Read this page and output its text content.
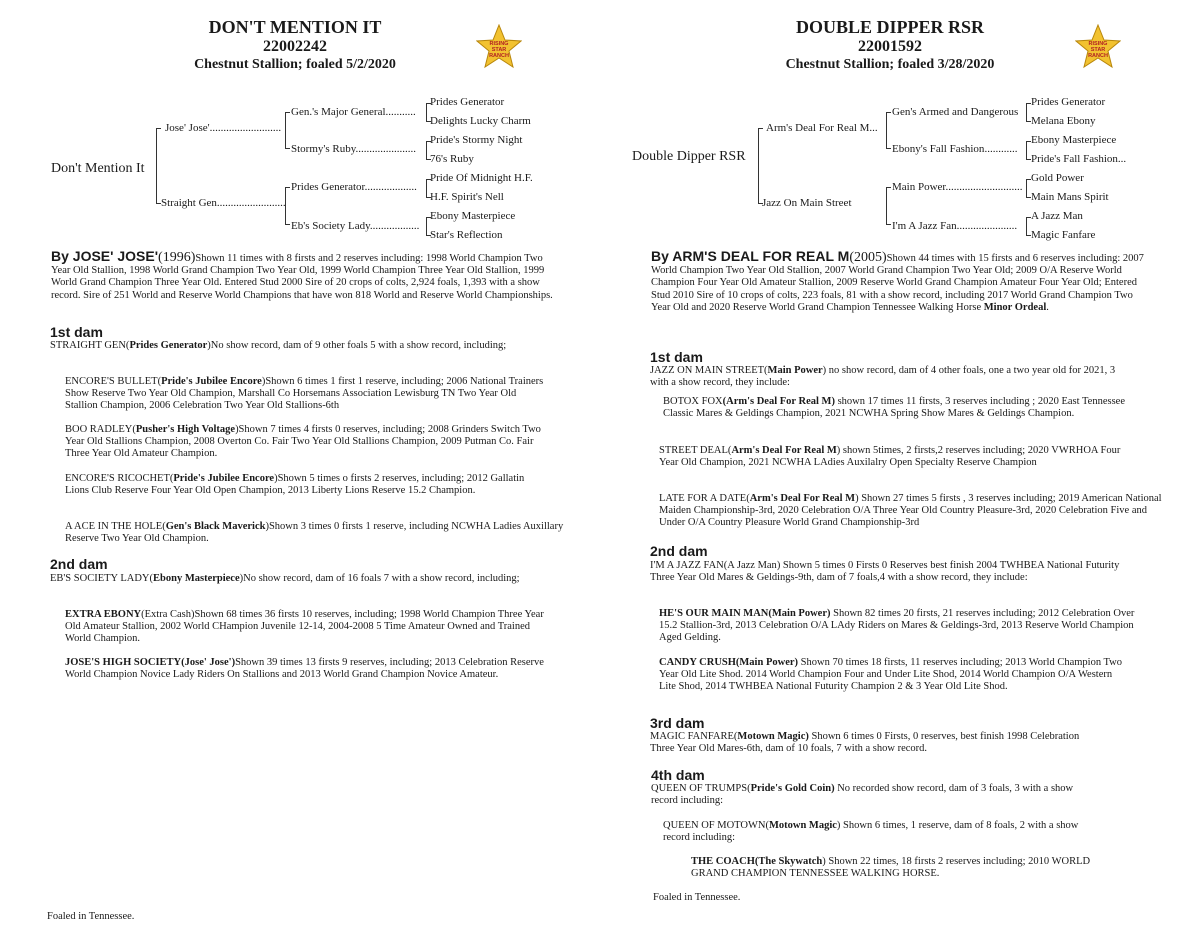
DON'T MENTION IT
22002242
Chestnut Stallion; foaled 5/2/2020
RISING
STAR
RANCH
Don't Mention It
Jose' Jose'..........................
Straight Gen.........................
Gen.'s Major General...........
Stormy's Ruby......................
Prides Generator...................
Eb's Society Lady..................
Prides Generator
Delights Lucky Charm
Pride's Stormy Night
76's Ruby
Pride Of Midnight H.F.
H.F. Spirit's Nell
Ebony Masterpiece
Star's Reflection
By JOSE' JOSE'(1996)Shown 11 times with 8 firsts and 2 reserves including: 1998 World Champion Two Year Old Stallion, 1998 World Grand Champion Two Year Old, 1999 World Champion Three Year Old Stallion, 1999 World Grand Champion Three Year Old. Entered Stud 2000 Sire of 20 crops of colts, 2,924 foals, 1,393 with a show record. Sire of 251 World and Reserve World Champions that have won 818 World and Reserve World Championships.
1st dam
STRAIGHT GEN(Prides Generator)No show record, dam of 9 other foals 5 with a show record, including;
ENCORE'S BULLET(Pride's Jubilee Encore)Shown 6 times 1 first 1 reserve, including; 2006 National Trainers Show Reserve Two Year Old Champion, Marshall Co Horsemans Association Lewisburg TN Two Year Old Stallion Champion, 2006 Celebration Two Year Old Stallions-6th
BOO RADLEY(Pusher's High Voltage)Shown 7 times 4 firsts 0 reserves, including; 2008 Grinders Switch Two Year Old Stallions Champion, 2008 Overton Co. Fair Two Year Old Stallions Champion, 2009 Putman Co. Fair Three Year Old Amateur Champion.
ENCORE'S RICOCHET(Pride's Jubilee Encore)Shown 5 times o firsts 2 reserves, including; 2012 Gallatin Lions Club Reserve Four Year Old Open Champion, 2013 Liberty Lions Reserve 15.2 Champion.
A ACE IN THE HOLE(Gen's Black Maverick)Shown 3 times 0 firsts 1 reserve, including NCWHA Ladies Auxillary Reserve Two Year Old Champion.
2nd dam
EB'S SOCIETY LADY(Ebony Masterpiece)No show record, dam of 16 foals 7 with a show record, including;
EXTRA EBONY(Extra Cash)Shown 68 times 36 firsts 10 reserves, including; 1998 World Champion Three Year Old Amateur Stallion, 2002 World CHampion Juvenile 12-14, 2004-2008 5 Time Amateur Owned and Trained World Champion.
JOSE'S HIGH SOCIETY(Jose' Jose')Shown 39 times 13 firsts 9 reserves, including; 2013 Celebration Reserve World Champion Novice Lady Riders On Stallions and 2013 World Grand Champion Novice Amateur.
Foaled in Tennessee.
DOUBLE DIPPER RSR
22001592
Chestnut Stallion; foaled 3/28/2020
RISING
STAR
RANCH
Double Dipper RSR
Arm's Deal For Real M...
Jazz On Main Street
Gen's Armed and Dangerous
Ebony's Fall Fashion............
Main Power............................
I'm A Jazz Fan......................
Prides Generator
Melana Ebony
Ebony Masterpiece
Pride's Fall Fashion...
Gold Power
Main Mans Spirit
A Jazz Man
Magic Fanfare
By ARM'S DEAL FOR REAL M(2005)Shown 44 times with 15 firsts and 6 reserves including: 2007 World Champion Two Year Old Stallion, 2007 World Grand Champion Two Year Old; 2009 O/A Reserve World Champion Four Year Old Amateur Stallion, 2009 Reserve World Grand Champion Amateur Four Year Old; Entered Stud 2010 Sire of 10 crops of colts, 223 foals, 81 with a show record, including 2017 World Grand Champion Two Year Old and 2020 Reserve World Grand Champion Tennessee Walking Horse Minor Ordeal.
1st dam
JAZZ ON MAIN STREET(Main Power) no show record, dam of 4 other foals, one a two year old for 2021, 3 with a show record, they include:
BOTOX FOX(Arm's Deal For Real M) shown 17 times 11 firsts, 3 reserves including ; 2020 East Tennessee Classic Mares & Geldings Champion, 2021 NCWHA Spring Show Mares & Geldings Champion.
STREET DEAL(Arm's Deal For Real M) shown 5times, 2 firsts,2 reserves including; 2020 VWRHOA Four Year Old Champion, 2021 NCWHA LAdies Auxilalry Open Specialty Reserve Champion
LATE FOR A DATE(Arm's Deal For Real M) Shown 27 times 5 firsts , 3 reserves including; 2019 American National Maiden Championship-3rd, 2020 Celebration O/A Three Year Old Country Pleasure-3rd, 2020 Celebration Five and Under O/A Country Pleasure World Grand Championship-3rd
2nd dam
I'M A JAZZ FAN(A Jazz Man) Shown 5 times 0 Firsts 0 Reserves best finish 2004 TWHBEA National Futurity Three Year Old Mares & Geldings-9th, dam of 7 foals,4 with a show record, they include:
HE'S OUR MAIN MAN(Main Power) Shown 82 times 20 firsts, 21 reserves including; 2012 Celebration Over 15.2 Stallion-3rd, 2013 Celebration O/A LAdy Riders on Mares & Geldings-3rd, 2013 Reserve World Champion Aged Gelding.
CANDY CRUSH(Main Power) Shown 70 times 18 firsts, 11 reserves including; 2013 World Champion Two Year Old Lite Shod. 2014 World Champion Four and Under Lite Shod, 2014 World Champion O/A Western Lite Shod, 2014 TWHBEA National Futurity Champion 2 & 3 Year Old Lite Shod.
3rd dam
MAGIC FANFARE(Motown Magic) Shown 6 times 0 Firsts, 0 reserves, best finish 1998 Celebration Three Year Old Mares-6th, dam of 10 foals, 7 with a show record.
4th dam
QUEEN OF TRUMPS(Pride's Gold Coin) No recorded show record, dam of 3 foals, 3 with a show record including:
QUEEN OF MOTOWN(Motown Magic) Shown 6 times, 1 reserve, dam of 8 foals, 2 with a show record including:
THE COACH(The Skywatch) Shown 22 times, 18 firsts 2 reserves including; 2010 WORLD GRAND CHAMPION TENNESSEE WALKING HORSE.
Foaled in Tennessee.
